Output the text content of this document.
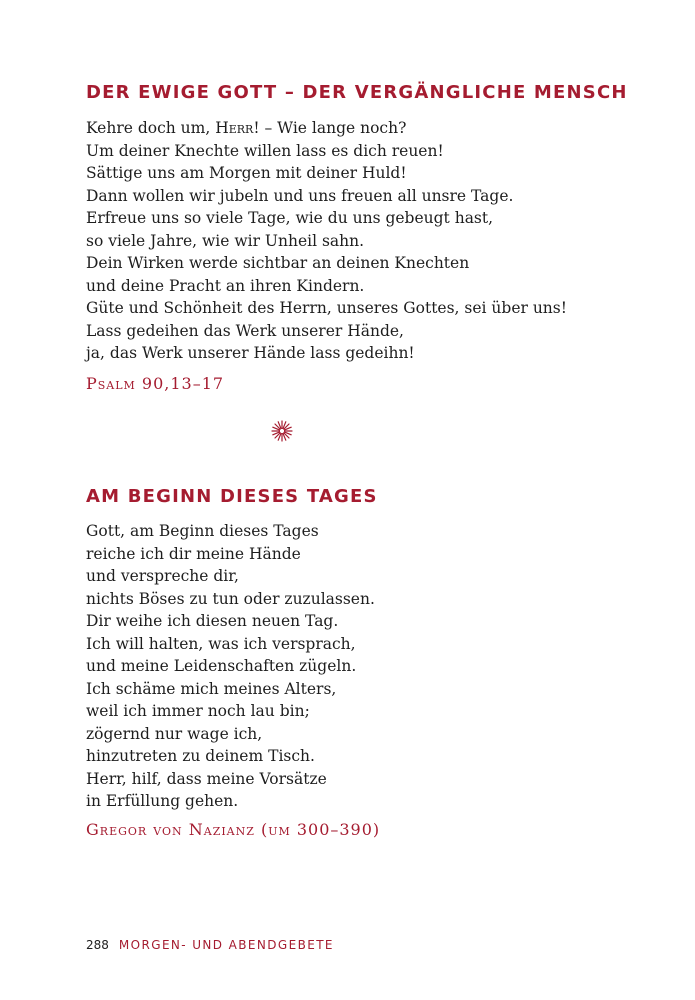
DER EWIGE GOTT – DER VERGÄNGLICHE MENSCH
Kehre doch um, Herr! – Wie lange noch?
Um deiner Knechte willen lass es dich reuen!
Sättige uns am Morgen mit deiner Huld!
Dann wollen wir jubeln und uns freuen all unsre Tage.
Erfreue uns so viele Tage, wie du uns gebeugt hast,
so viele Jahre, wie wir Unheil sahn.
Dein Wirken werde sichtbar an deinen Knechten
und deine Pracht an ihren Kindern.
Güte und Schönheit des Herrn, unseres Gottes, sei über uns!
Lass gedeihen das Werk unserer Hände,
ja, das Werk unserer Hände lass gedeihn!

Psalm 90,13–17

AM BEGINN DIESES TAGES
Gott, am Beginn dieses Tages
reiche ich dir meine Hände
und verspreche dir,
nichts Böses zu tun oder zuzulassen.
Dir weihe ich diesen neuen Tag.
Ich will halten, was ich versprach,
und meine Leidenschaften zügeln.
Ich schäme mich meines Alters,
weil ich immer noch lau bin;
zögernd nur wage ich,
hinzutreten zu deinem Tisch.
Herr, hilf, dass meine Vorsätze
in Erfüllung gehen.

Gregor von Nazianz (um 300–390)

288 MORGEN- UND ABENDGEBETE
